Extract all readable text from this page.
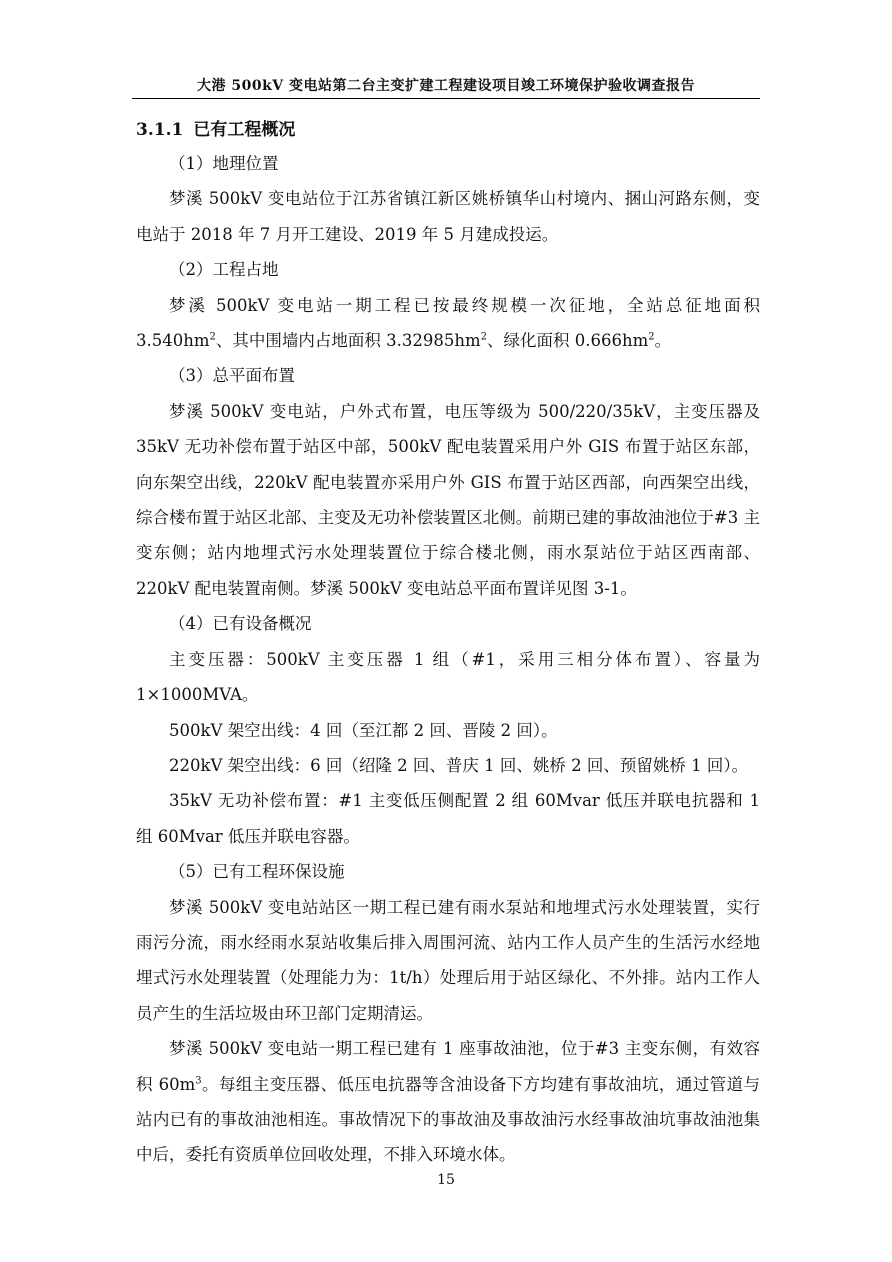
大港 500kV 变电站第二台主变扩建工程建设项目竣工环境保护验收调查报告
3.1.1 已有工程概况

（1）地理位置

梦溪 500kV 变电站位于江苏省镇江新区姚桥镇华山村境内、捆山河路东侧，变电站于 2018 年 7 月开工建设、2019 年 5 月建成投运。

（2）工程占地

梦溪 500kV 变电站一期工程已按最终规模一次征地，全站总征地面积 $3.540hm^2$、其中围墙内占地面积 $3.32985hm^2$、绿化面积 $0.666hm^2$。

（3）总平面布置

梦溪 500kV 变电站，户外式布置，电压等级为 500/220/35kV，主变压器及 35kV 无功补偿布置于站区中部，500kV 配电装置采用户外 GIS 布置于站区东部，向东架空出线，220kV 配电装置亦采用户外 GIS 布置于站区西部，向西架空出线，综合楼布置于站区北部、主变及无功补偿装置区北侧。前期已建的事故油池位于#3 主变东侧；站内地埋式污水处理装置位于综合楼北侧，雨水泵站位于站区西南部、220kV 配电装置南侧。梦溪 500kV 变电站总平面布置详见图 3-1。

（4）已有设备概况

主变压器：500kV 主变压器 1 组（#1，采用三相分体布置）、容量为 1×1000MVA。

500kV 架空出线：4 回（至江都 2 回、晋陵 2 回）。

220kV 架空出线：6 回（绍隆 2 回、普庆 1 回、姚桥 2 回、预留姚桥 1 回）。

35kV 无功补偿布置：#1 主变低压侧配置 2 组 60Mvar 低压并联电抗器和 1 组 60Mvar 低压并联电容器。

（5）已有工程环保设施

梦溪 500kV 变电站站区一期工程已建有雨水泵站和地埋式污水处理装置，实行雨污分流，雨水经雨水泵站收集后排入周围河流、站内工作人员产生的生活污水经地埋式污水处理装置（处理能力为：1t/h）处理后用于站区绿化、不外排。站内工作人员产生的生活垃圾由环卫部门定期清运。

梦溪 500kV 变电站一期工程已建有 1 座事故油池，位于#3 主变东侧，有效容积 $60m^3$。每组主变压器、低压电抗器等含油设备下方均建有事故油坑，通过管道与站内已有的事故油池相连。事故情况下的事故油及事故油污水经事故油坑事故油池集中后，委托有资质单位回收处理，不排入环境水体。

15
